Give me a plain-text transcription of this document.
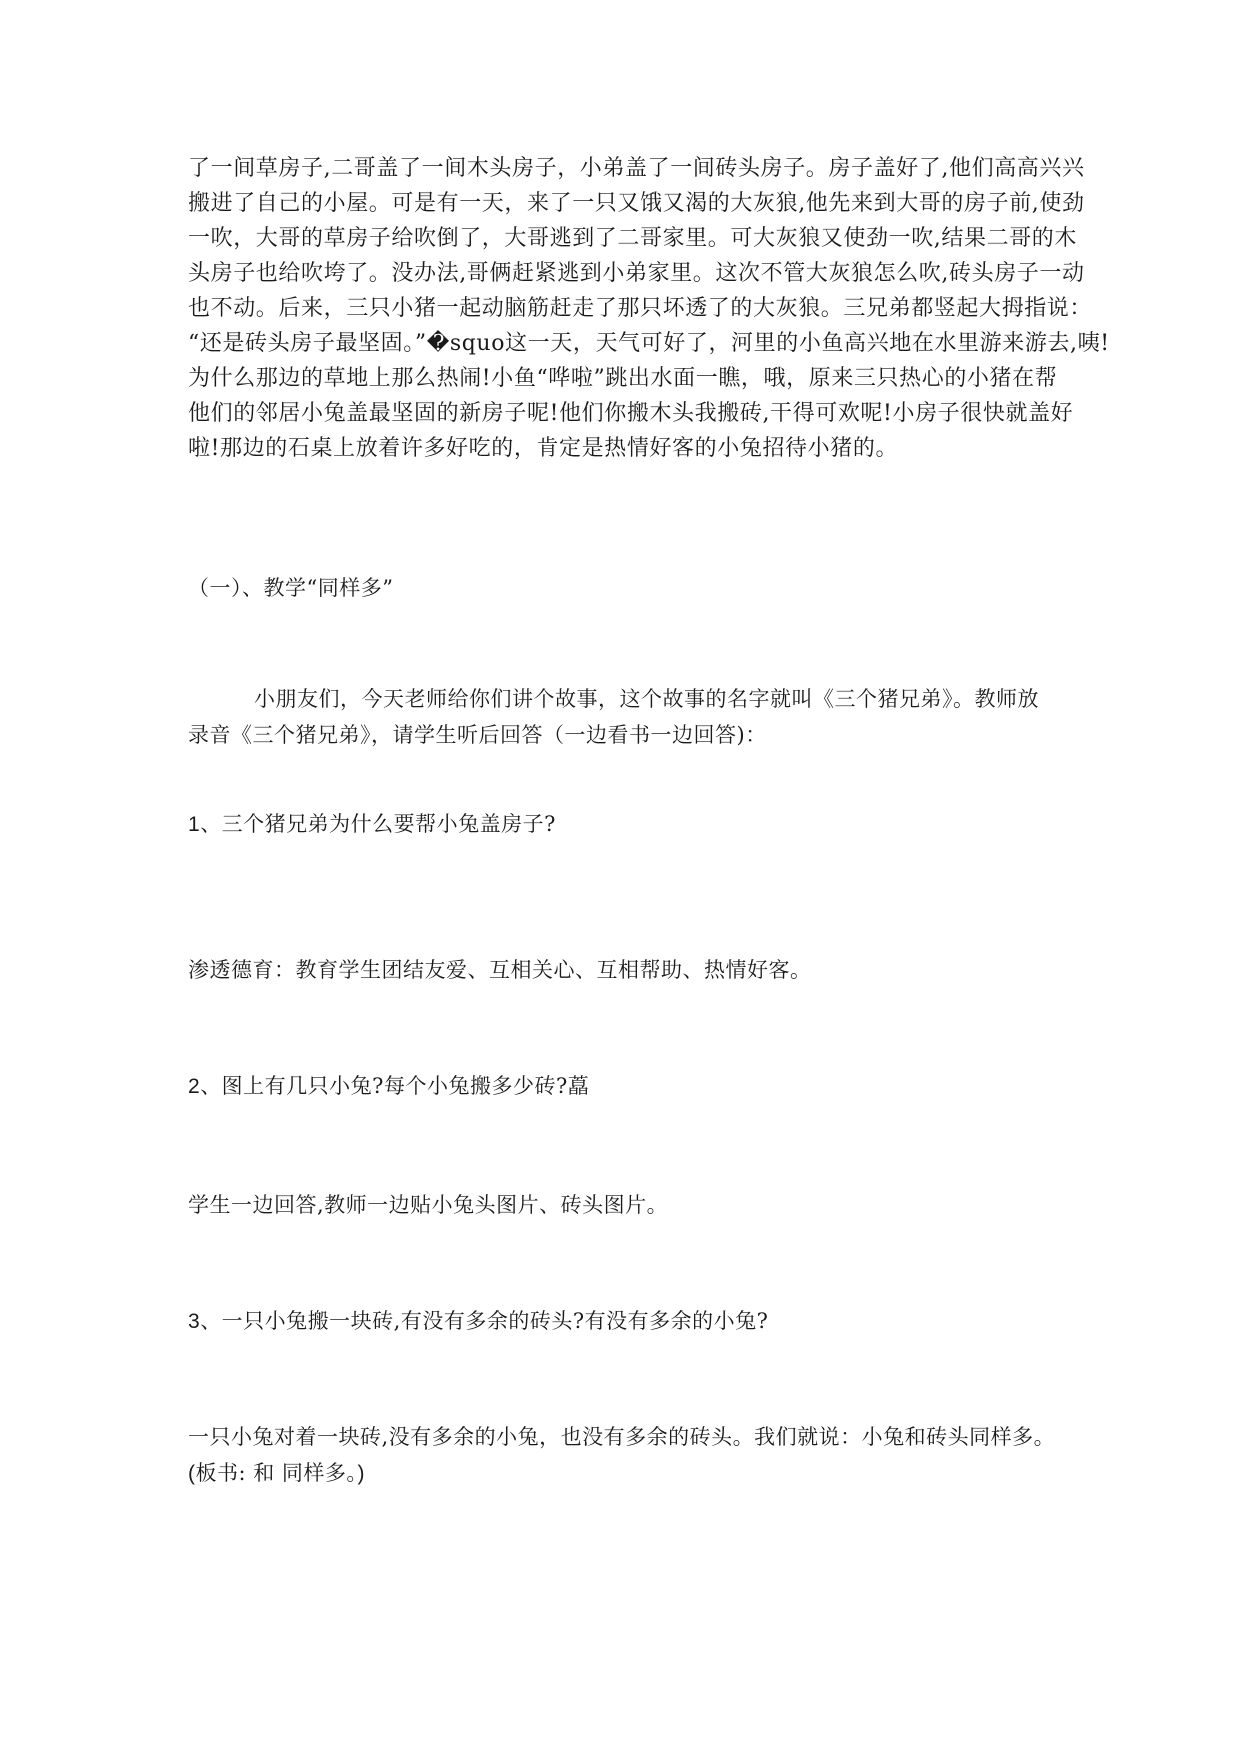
了一间草房子,二哥盖了一间木头房子，小弟盖了一间砖头房子。房子盖好了,他们高高兴兴
搬进了自己的小屋。可是有一天，来了一只又饿又渴的大灰狼,他先来到大哥的房子前,使劲
一吹，大哥的草房子给吹倒了，大哥逃到了二哥家里。可大灰狼又使劲一吹,结果二哥的木
头房子也给吹垮了。没办法,哥俩赶紧逃到小弟家里。这次不管大灰狼怎么吹,砖头房子一动
也不动。后来，三只小猪一起动脑筋赶走了那只坏透了的大灰狼。三兄弟都竖起大拇指说：
“还是砖头房子最坚固。”�squo这一天，天气可好了，河里的小鱼高兴地在水里游来游去,咦!
为什么那边的草地上那么热闹!小鱼“哗啦”跳出水面一瞧，哦，原来三只热心的小猪在帮
他们的邻居小兔盖最坚固的新房子呢!他们你搬木头我搬砖,干得可欢呢!小房子很快就盖好
啦!那边的石桌上放着许多好吃的，肯定是热情好客的小兔招待小猪的。

（一）、教学“同样多”

小朋友们，今天老师给你们讲个故事，这个故事的名字就叫《三个猪兄弟》。教师放
录音《三个猪兄弟》，请学生听后回答（一边看书一边回答)：
1、三个猪兄弟为什么要帮小兔盖房子?
渗透德育：教育学生团结友爱、互相关心、互相帮助、热情好客。
2、图上有几只小兔?每个小兔搬多少砖?藠
学生一边回答,教师一边贴小兔头图片、砖头图片。
3、一只小兔搬一块砖,有没有多余的砖头?有没有多余的小兔?
一只小兔对着一块砖,没有多余的小兔，也没有多余的砖头。我们就说：小兔和砖头同样多。
(板书: 和 同样多。)
